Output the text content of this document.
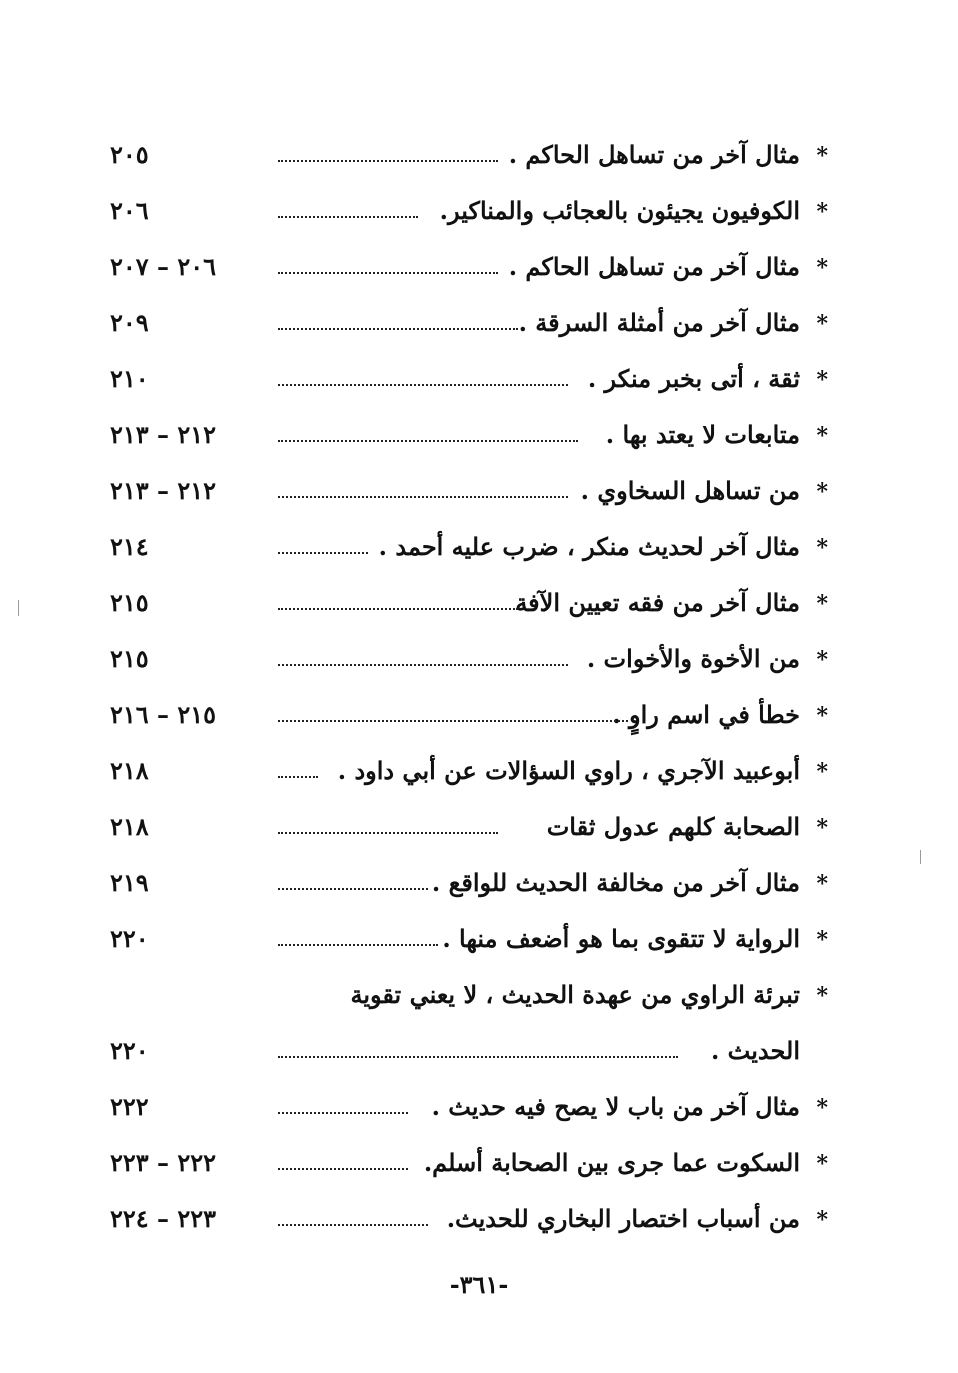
*
مثال آخر من تساهل الحاكم .
٢٠٥
*
الكوفيون يجيئون بالعجائب والمناكير.
٢٠٦
*
مثال آخر من تساهل الحاكم .
٢٠٦ – ٢٠٧
*
مثال آخر من أمثلة السرقة .
٢٠٩
*
ثقة ، أتى بخبر منكر .
٢١٠
*
متابعات لا يعتد بها .
٢١٢ – ٢١٣
*
من تساهل السخاوي .
٢١٢ – ٢١٣
*
مثال آخر لحديث منكر ، ضرب عليه أحمد .
٢١٤
*
مثال آخر من فقه تعيين الآفة
٢١٥
*
من الأخوة والأخوات .
٢١٥
*
خطأ في اسم راوٍ .
٢١٥ – ٢١٦
*
أبوعبيد الآجري ، راوي السؤالات عن أبي داود .
٢١٨
*
الصحابة كلهم عدول ثقات
٢١٨
*
مثال آخر من مخالفة الحديث للواقع .
٢١٩
*
الرواية لا تتقوى بما هو أضعف منها .
٢٢٠
*
تبرئة الراوي من عهدة الحديث ، لا يعني تقوية
الحديث .
٢٢٠
*
مثال آخر من باب لا يصح فيه حديث .
٢٢٢
*
السكوت عما جرى بين الصحابة أسلم.
٢٢٢ – ٢٢٣
*
من أسباب اختصار البخاري للحديث.
٢٢٣ – ٢٢٤
-٣٦١-
